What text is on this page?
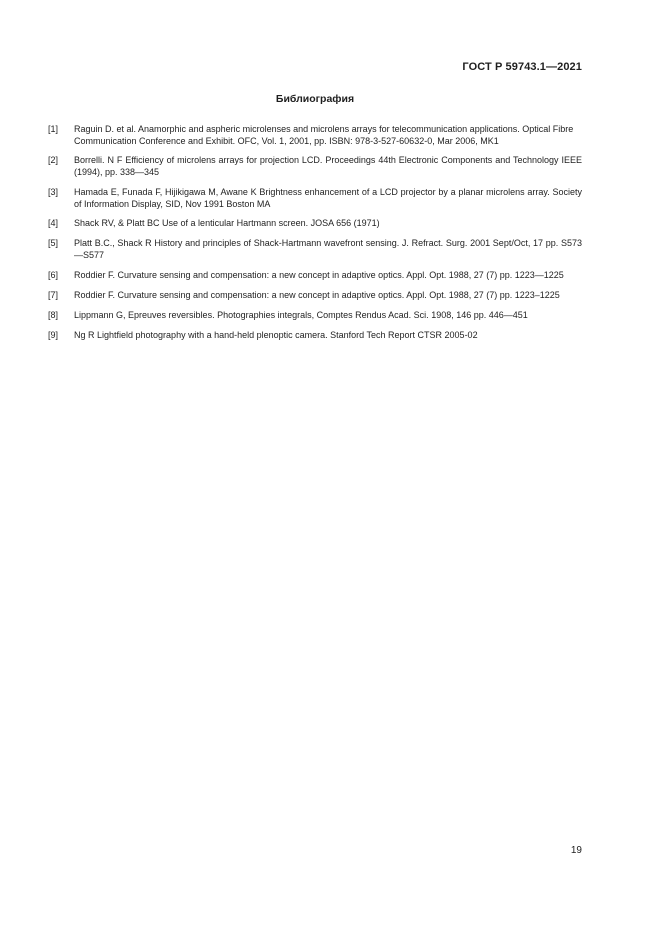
ГОСТ Р 59743.1—2021
Библиография
[1] Raguin D. et al. Anamorphic and aspheric microlenses and microlens arrays for telecommunication applications. Optical Fibre Communication Conference and Exhibit. OFC, Vol. 1, 2001, pp. ISBN: 978-3-527-60632-0, Mar 2006, MK1
[2] Borrelli. N F Efficiency of microlens arrays for projection LCD. Proceedings 44th Electronic Components and Technology IEEE (1994), pp. 338—345
[3] Hamada E, Funada F, Hijikigawa M, Awane K Brightness enhancement of a LCD projector by a planar microlens array. Society of Information Display, SID, Nov 1991 Boston MA
[4] Shack RV, & Platt BC Use of a lenticular Hartmann screen. JOSA 656 (1971)
[5] Platt B.C., Shack R History and principles of Shack-Hartmann wavefront sensing. J. Refract. Surg. 2001 Sept/Oct, 17 pp. S573—S577
[6] Roddier F. Curvature sensing and compensation: a new concept in adaptive optics. Appl. Opt. 1988, 27 (7) pp. 1223—1225
[7] Roddier F. Curvature sensing and compensation: a new concept in adaptive optics. Appl. Opt. 1988, 27 (7) pp. 1223–1225
[8] Lippmann G, Epreuves reversibles. Photographies integrals, Comptes Rendus Acad. Sci. 1908, 146 pp. 446—451
[9] Ng R Lightfield photography with a hand-held plenoptic camera. Stanford Tech Report CTSR 2005-02
19
